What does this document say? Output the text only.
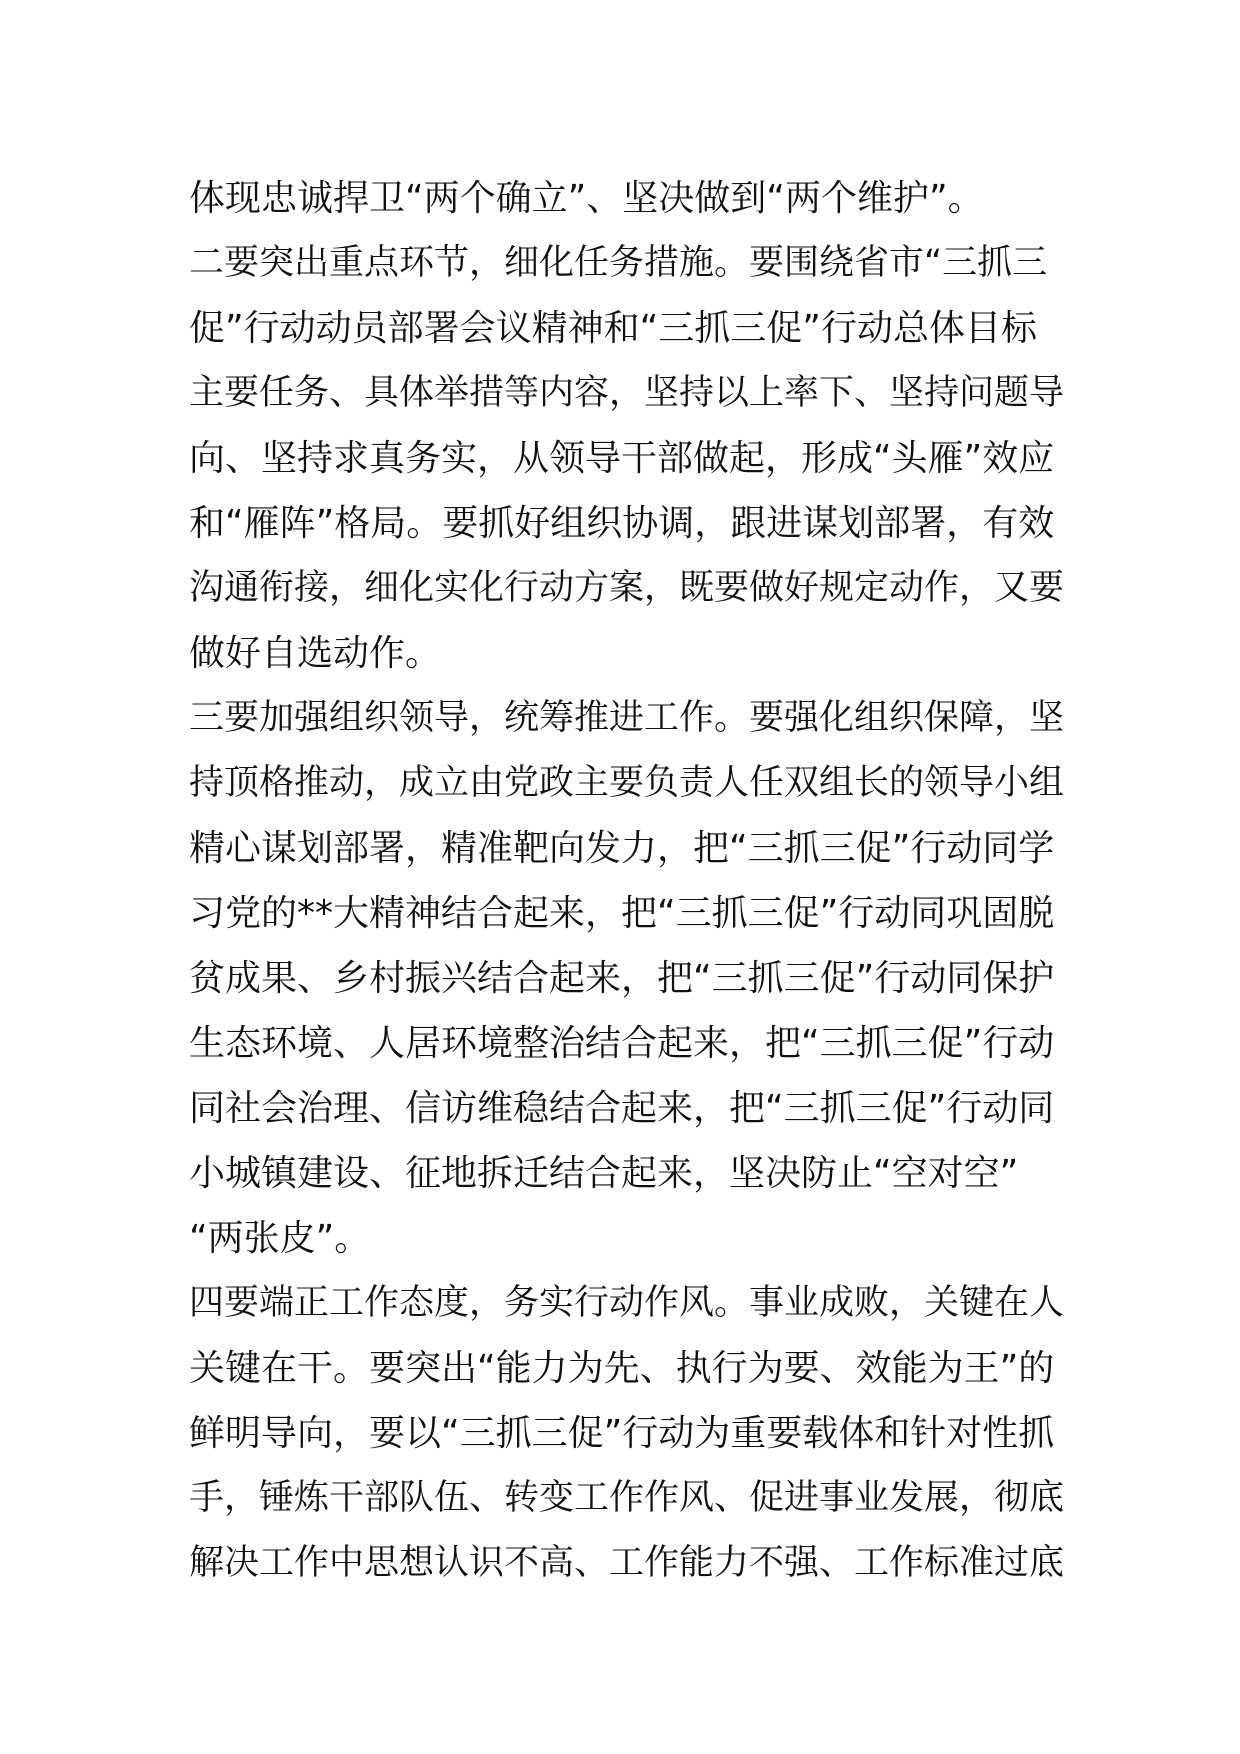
体现忠诚捍卫“两个确立”、坚决做到“两个维护”。
二要突出重点环节，细化任务措施。要围绕省市“三抓三
促”行动动员部署会议精神和“三抓三促”行动总体目标
主要任务、具体举措等内容，坚持以上率下、坚持问题导
向、坚持求真务实，从领导干部做起，形成“头雁”效应
和“雁阵”格局。要抓好组织协调，跟进谋划部署，有效
沟通衔接，细化实化行动方案，既要做好规定动作，又要
做好自选动作。
三要加强组织领导，统筹推进工作。要强化组织保障，坚
持顶格推动，成立由党政主要负责人任双组长的领导小组
精心谋划部署，精准靶向发力，把“三抓三促”行动同学
习党的**大精神结合起来，把“三抓三促”行动同巩固脱
贫成果、乡村振兴结合起来，把“三抓三促”行动同保护
生态环境、人居环境整治结合起来，把“三抓三促”行动
同社会治理、信访维稳结合起来，把“三抓三促”行动同
小城镇建设、征地拆迁结合起来，坚决防止“空对空”
“两张皮”。
四要端正工作态度，务实行动作风。事业成败，关键在人
关键在干。要突出“能力为先、执行为要、效能为王”的
鲜明导向，要以“三抓三促”行动为重要载体和针对性抓
手，锤炼干部队伍、转变工作作风、促进事业发展，彻底
解决工作中思想认识不高、工作能力不强、工作标准过底
